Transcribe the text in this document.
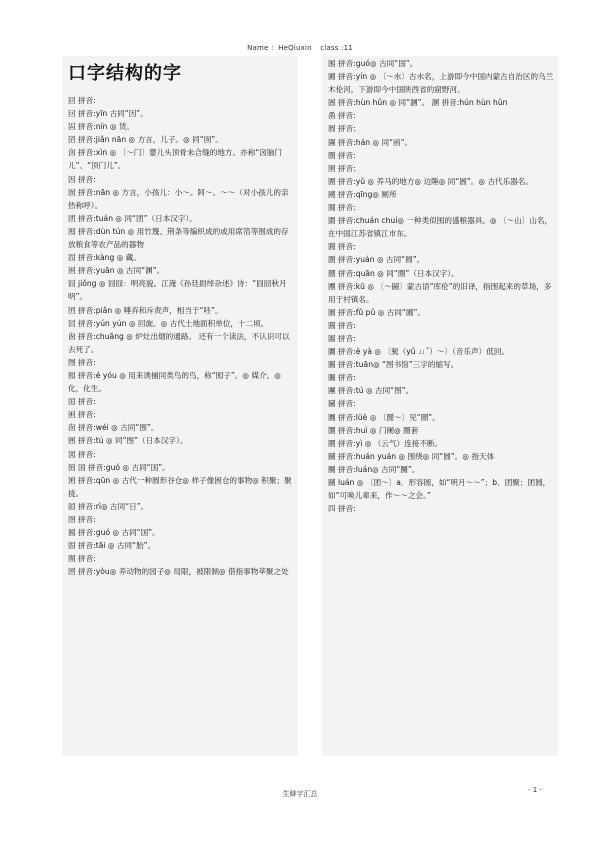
Name ：HeQiuxin class :11
口字结构的字
回 拼音:
囙 拼音:yīn 古同“因”。
囜 拼音:nín ◎ 赁。
囝 拼音:jiǎn nān ◎ 方言，儿子。◎ 同“囡”。
囟 拼音:xìn ◎ 〔～门〕婴儿头顶骨未合缝的地方。亦称“囟脑门儿”、“顶门儿”。
因 拼音:
囡 拼音:nān ◎ 方言，小孩儿：小～。阿～。～～（对小孩儿的亲热称呼）。
团 拼音:tuán ◎ 同“团”（日本汉字）。
囤 拼音:dùn tún ◎ 用竹篾、荆条等编织成的或用席箔等围成的存放粮食等农产品的器物
囥 拼音:kàng ◎ 藏。
囦 拼音:yuān ◎ 古同“渊”。
囧 jiǒng ◎ 囧囧：明亮貌。江淹《孙廷尉绰杂述》诗：“囧囧秋月明”。
囨 拼音:piǎn ◎ 唾弃和斥责声，相当于“呸”。
囩 拼音:yún yún ◎ 回旋。◎ 古代土地面积单位，十二顷。
囪 拼音:chuāng ◎ 炉灶出烟的通路。 还有一个读法，不认识可以去死了。
囫 拼音:
囮 拼音:é yóu ◎ 用来诱捕同类鸟的鸟，称“囮子”。◎ 媒介。◎ 化，化生。
囯 拼音:
困 拼音:
囱 拼音:wéi ◎ 古同“围”。
囲 拼音:tú ◎ 同“图”（日本汉字）。
図 拼音:
囶 国 拼音:guó ◎ 古同“国”。
囷 拼音:qūn ◎ 古代一种圆形谷仓◎ 样子像困仓的事物◎ 积聚；聚拢。
囸 拼音:rì◎ 古同“日”。
囹 拼音:
囻 拼音:guó ◎ 古同“国”。
固 拼音:tāi ◎ 古同“胎”。
囿 拼音:
圀 拼音:yòu◎ 养动物的园子◎ 局限，被限制◎ 借指事物萃聚之处
圂 拼音:guó◎ 古同“国”。
圃 拼音:yín ◎ 〔～水〕古水名，上游即今中国内蒙古自治区的乌兰木伦河，下游即今中国陕西省的窟野河。
圄 拼音:hùn hǔn ◎ 同“溷”。 溷 拼音:hún hùn hǔn
圅 拼音:
圆 拼音:
圇 拼音:hán ◎ 同“函”。
圈 拼音:
圉 拼音:
圊 拼音:yǔ ◎ 养马的地方◎ 边陲◎ 同“圄”。◎ 古代乐器名。
國 拼音:qīng◎ 厕所
圌 拼音:
圍 拼音:chuán chuí◎ 一种类似囤的盛粮器具。◎ 〔～山〕山名，在中国江苏省镇江市东。
圎 拼音:
圏 拼音:yuán ◎ 古同“圆”。
圐 拼音:quān ◎ 同“圈”（日本汉字）。
圑 拼音:kū ◎ 〔～圙〕蒙古语“库伦”的旧译，指围起来的草场，多用于村镇名。
園 拼音:fǔ pǔ ◎ 古同“圃”。
圓 拼音:
圔 拼音:
圕 拼音:è yà ◎ 〔窫（yǔ ㄩˇ）～〕（音乐声）低回。
圖 拼音:tuān◎ “图书馆”三字的缩写。
圗 拼音:
團 拼音:tú ◎ 古同“图”。
圙 拼音:
圚 拼音:lüè ◎ 〔圐～〕见“圐”。
圛 拼音:huì ◎ 门阑◎ 圈套
圜 拼音:yì ◎ （云气）连接不断。
圝 拼音:huán yuán ◎ 围绕◎ 同“圆”。◎ 指天体
圞 拼音:luán◎ 古同“圞”。
圝 luán ◎ 〔团～〕a．形容圆，如“明月～～”；b．团聚；团圆，如“可唤儿辈来，作～～之会。”
四 拼音:
生僻字汇总	- 1 -
